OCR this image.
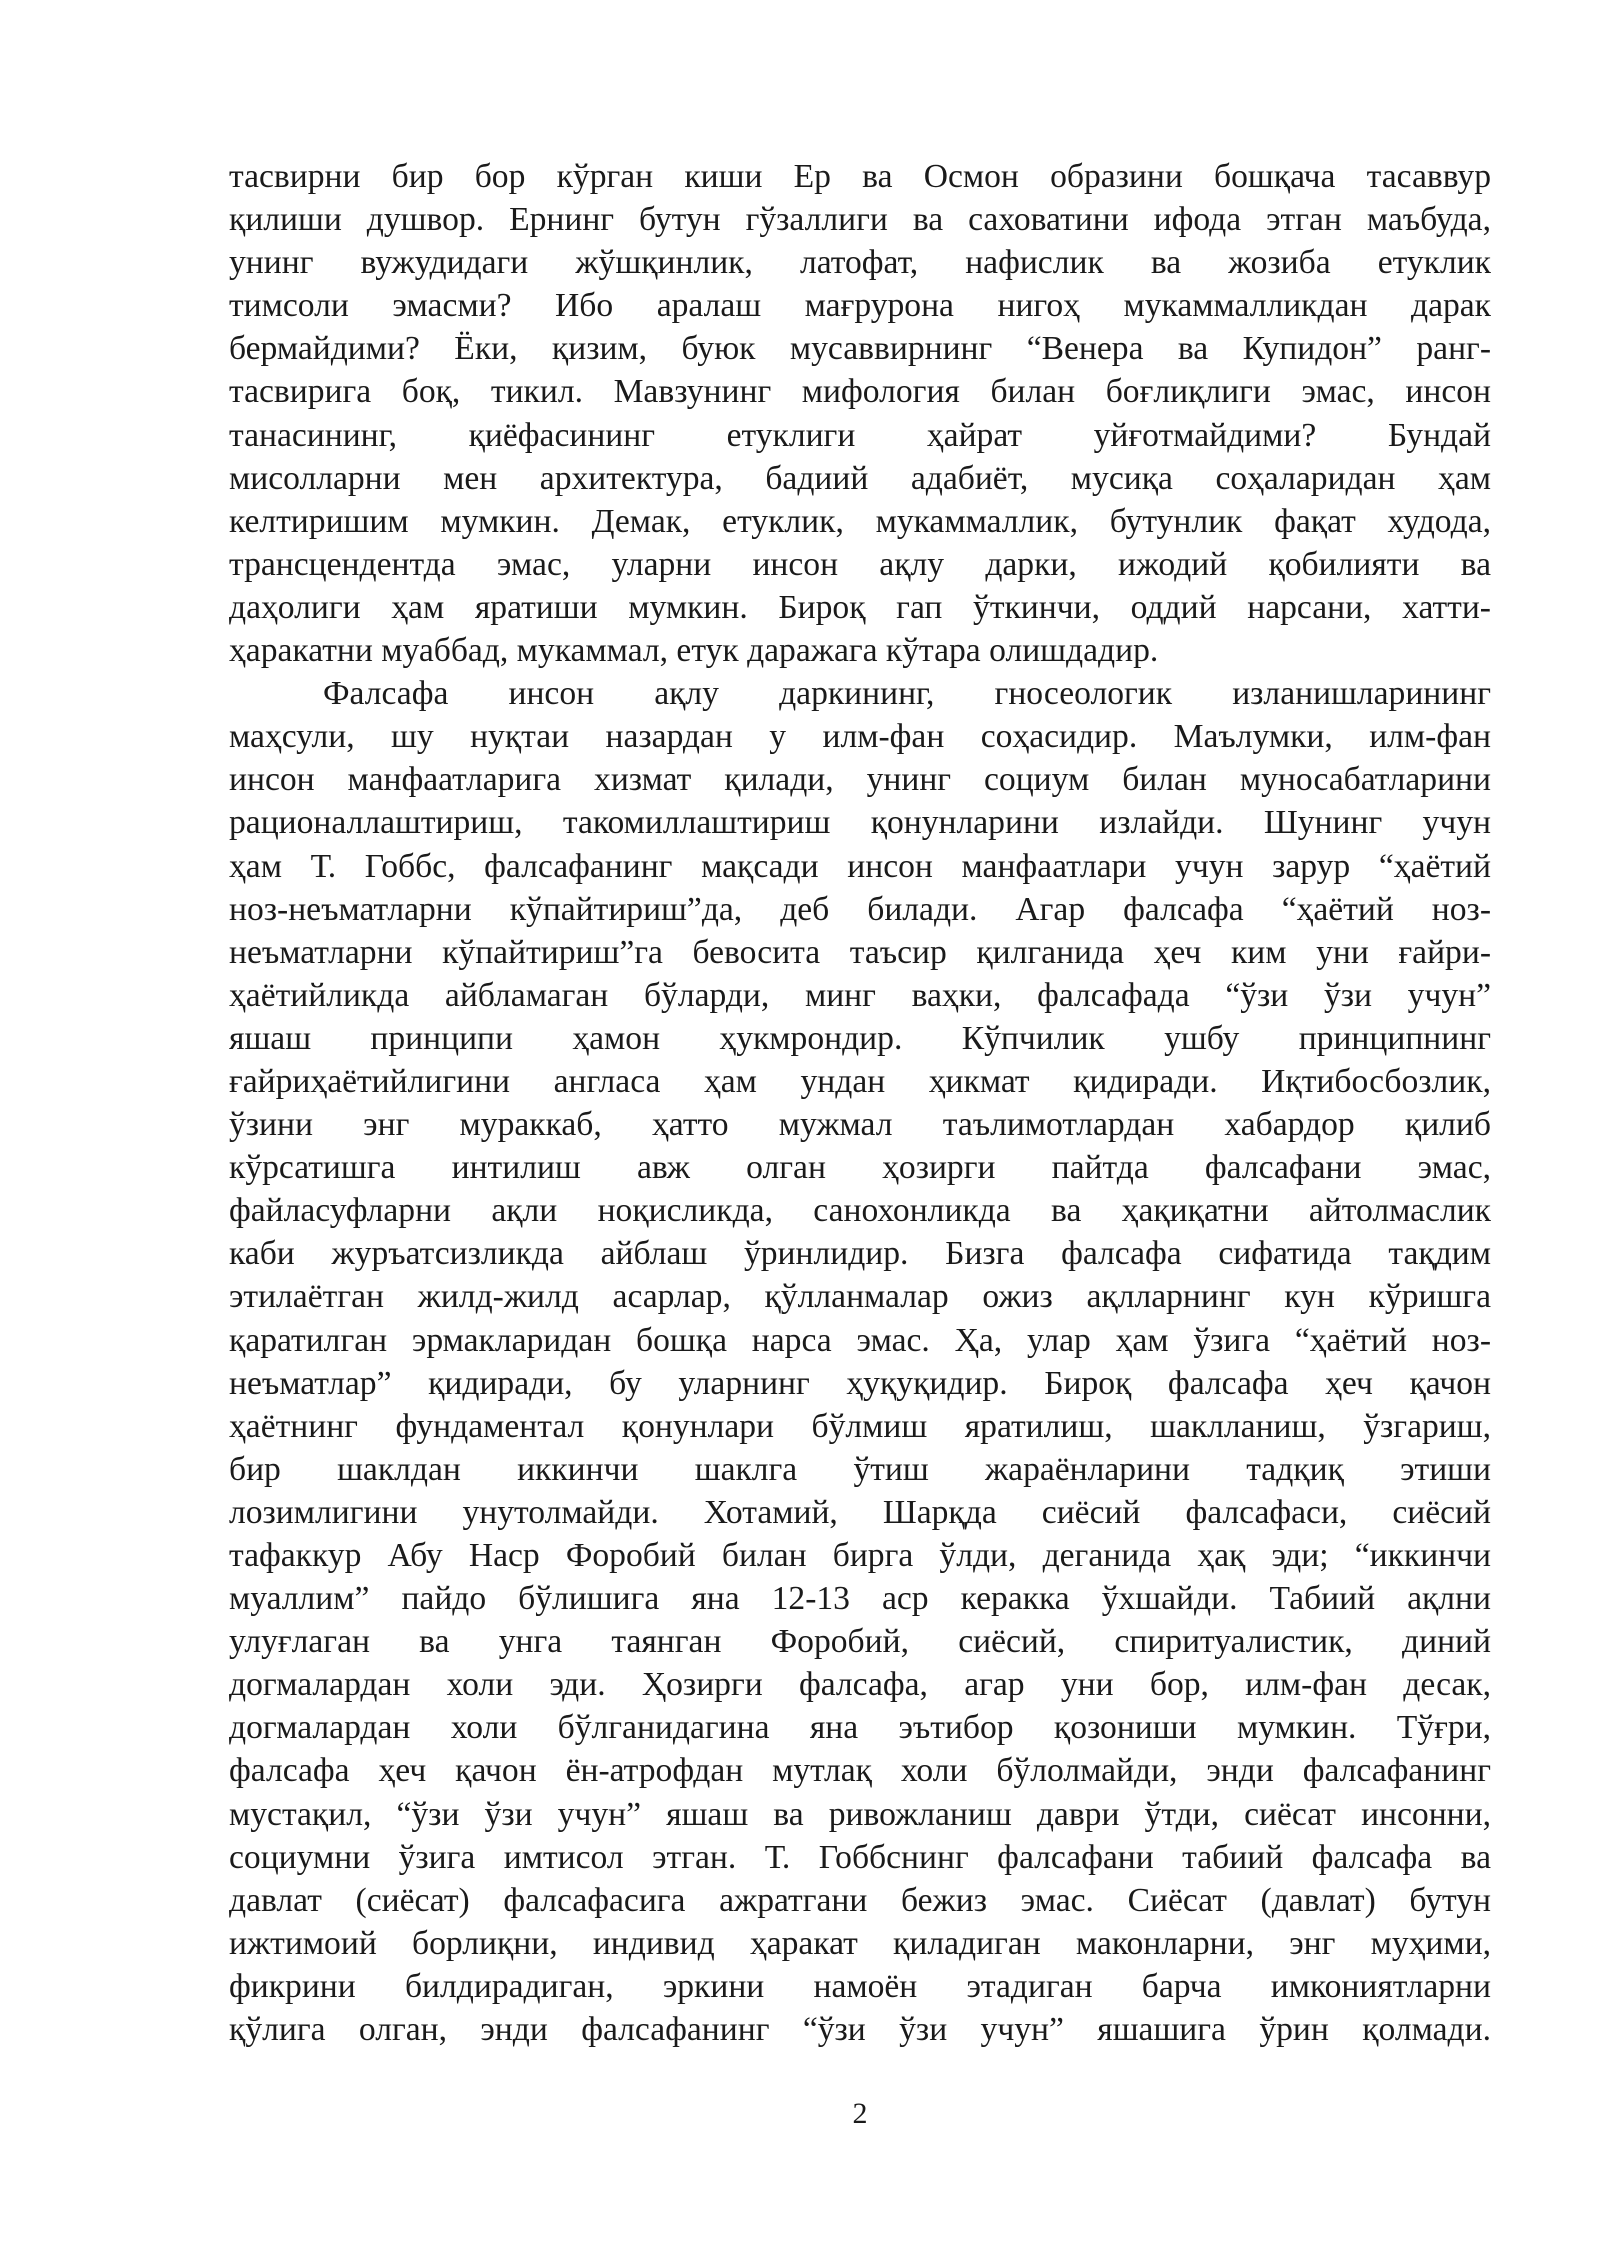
тасвирни бир бор кўрган киши Ер ва Осмон образини бошқача тасаввур
қилиши душвор. Ернинг бутун гўзаллиги ва саховатини ифода этган маъбуда,
унинг вужудидаги жўшқинлик, латофат, нафислик ва жозиба етуклик
тимсоли эмасми? Ибо аралаш мағрурона нигоҳ мукаммалликдан дарак
бермайдими? Ёки, қизим, буюк мусаввирнинг “Венера ва Купидон” ранг-
тасвирига боқ, тикил. Мавзунинг мифология билан боғлиқлиги эмас, инсон
танасининг, қиёфасининг етуклиги ҳайрат уйғотмайдими? Бундай
мисолларни мен архитектура, бадиий адабиёт, мусиқа соҳаларидан ҳам
келтиришим мумкин. Демак, етуклик, мукаммаллик, бутунлик фақат худода,
трансцендентда эмас, уларни инсон ақлу дарки, ижодий қобилияти ва
даҳолиги ҳам яратиши мумкин. Бироқ гап ўткинчи, оддий нарсани, хатти-
ҳаракатни муаббад, мукаммал, етук даражага кўтара олишдадир.
Фалсафа инсон ақлу даркининг, гносеологик изланишларининг
маҳсули, шу нуқтаи назардан у илм-фан соҳасидир. Маълумки, илм-фан
инсон манфаатларига хизмат қилади, унинг социум билан муносабатларини
рационаллаштириш, такомиллаштириш қонунларини излайди. Шунинг учун
ҳам Т. Гоббс, фалсафанинг мақсади инсон манфаатлари учун зарур “ҳаётий
ноз-неъматларни кўпайтириш”да, деб билади. Агар фалсафа “ҳаётий ноз-
неъматларни кўпайтириш”га бевосита таъсир қилганида ҳеч ким уни ғайри-
ҳаётийликда айбламаган бўларди, минг ваҳки, фалсафада “ўзи ўзи учун”
яшаш принципи ҳамон ҳукмрондир. Кўпчилик ушбу принципнинг
ғайриҳаётийлигини англаса ҳам ундан ҳикмат қидиради. Иқтибосбозлик,
ўзини энг мураккаб, ҳатто мужмал таълимотлардан хабардор қилиб
кўрсатишга интилиш авж олган ҳозирги пайтда фалсафани эмас,
файласуфларни ақли ноқисликда, санохонликда ва ҳақиқатни айтолмаслик
каби журъатсизликда айблаш ўринлидир. Бизга фалсафа сифатида тақдим
этилаётган жилд-жилд асарлар, қўлланмалар ожиз ақлларнинг кун кўришга
қаратилган эрмакларидан бошқа нарса эмас. Ҳа, улар ҳам ўзига “ҳаётий ноз-
неъматлар” қидиради, бу уларнинг ҳуқуқидир. Бироқ фалсафа ҳеч қачон
ҳаётнинг фундаментал қонунлари бўлмиш яратилиш, шаклланиш, ўзгариш,
бир шаклдан иккинчи шаклга ўтиш жараёнларини тадқиқ этиши
лозимлигини унутолмайди. Хотамий, Шарқда сиёсий фалсафаси, сиёсий
тафаккур Абу Наср Форобий билан бирга ўлди, деганида ҳақ эди; “иккинчи
муаллим” пайдо бўлишига яна 12-13 аср керакка ўхшайди. Табиий ақлни
улуғлаган ва унга таянган Форобий, сиёсий, спиритуалистик, диний
догмалардан холи эди. Ҳозирги фалсафа, агар уни бор, илм-фан десак,
догмалардан холи бўлганидагина яна эътибор қозониши мумкин. Тўғри,
фалсафа ҳеч қачон ён-атрофдан мутлақ холи бўлолмайди, энди фалсафанинг
мустақил, “ўзи ўзи учун” яшаш ва ривожланиш даври ўтди, сиёсат инсонни,
социумни ўзига имтисол этган. Т. Гоббснинг фалсафани табиий фалсафа ва
давлат (сиёсат) фалсафасига ажратгани бежиз эмас. Сиёсат (давлат) бутун
ижтимоий борлиқни, индивид ҳаракат қиладиган маконларни, энг муҳими,
фикрини билдирадиган, эркини намоён этадиган барча имкониятларни
қўлига олган, энди фалсафанинг “ўзи ўзи учун” яшашига ўрин қолмади.
2
